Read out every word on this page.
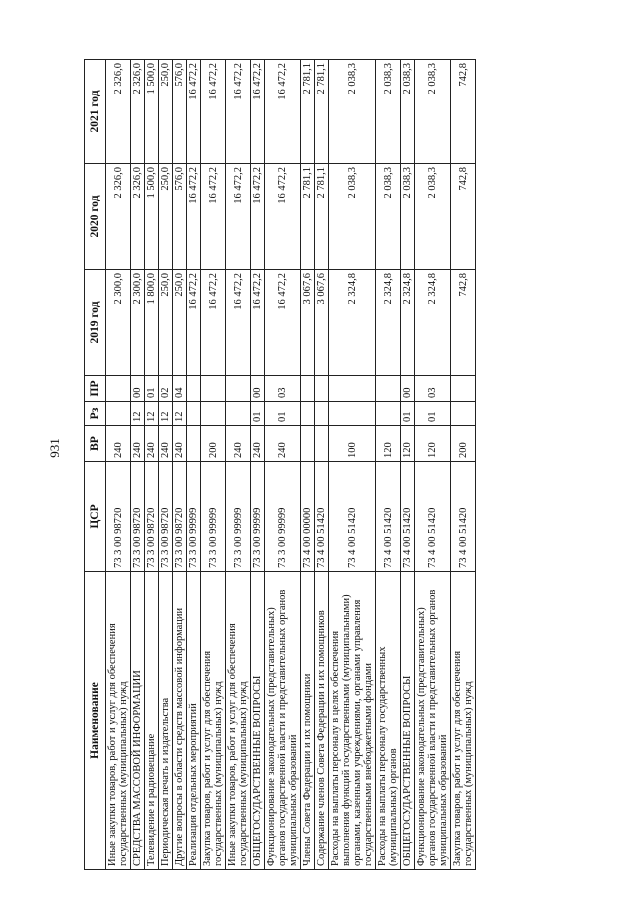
931
Наименование	ЦСР	ВР	Рз	ПР	2019 год	2020 год	2021 год
Иные закупки товаров, работ и услуг для обеспечения государственных (муниципальных) нужд	73 3 00 98720	240			2 300,0	2 326,0	2 326,0
СРЕДСТВА МАССОВОЙ ИНФОРМАЦИИ	73 3 00 98720	240	12	00	2 300,0	2 326,0	2 326,0
Телевидение и радиовещание	73 3 00 98720	240	12	01	1 800,0	1 500,0	1 500,0
Периодическая печать и издательства	73 3 00 98720	240	12	02	250,0	250,0	250,0
Другие вопросы в области средств массовой информации	73 3 00 98720	240	12	04	250,0	576,0	576,0
Реализация отдельных мероприятий	73 3 00 99999				16 472,2	16 472,2	16 472,2
Закупка товаров, работ и услуг для обеспечения государственных (муниципальных) нужд	73 3 00 99999	200			16 472,2	16 472,2	16 472,2
Иные закупки товаров, работ и услуг для обеспечения государственных (муниципальных) нужд	73 3 00 99999	240			16 472,2	16 472,2	16 472,2
ОБЩЕГОСУДАРСТВЕННЫЕ ВОПРОСЫ	73 3 00 99999	240	01	00	16 472,2	16 472,2	16 472,2
Функционирование законодательных (представительных) органов государственной власти и представительных органов муниципальных образований	73 3 00 99999	240	01	03	16 472,2	16 472,2	16 472,2
Члены Совета Федерации и их помощники	73 4 00 00000				3 067,6	2 781,1	2 781,1
Содержание членов Совета Федерации и их помощников	73 4 00 51420				3 067,6	2 781,1	2 781,1
Расходы на выплаты персоналу в целях обеспечения выполнения функций государственными (муниципальными) органами, казенными учреждениями, органами управления государственными внебюджетными фондами	73 4 00 51420	100			2 324,8	2 038,3	2 038,3
Расходы на выплаты персоналу государственных (муниципальных) органов	73 4 00 51420	120			2 324,8	2 038,3	2 038,3
ОБЩЕГОСУДАРСТВЕННЫЕ ВОПРОСЫ	73 4 00 51420	120	01	00	2 324,8	2 038,3	2 038,3
Функционирование законодательных (представительных) органов государственной власти и представительных органов муниципальных образований	73 4 00 51420	120	01	03	2 324,8	2 038,3	2 038,3
Закупка товаров, работ и услуг для обеспечения государственных (муниципальных) нужд	73 4 00 51420	200			742,8	742,8	742,8
